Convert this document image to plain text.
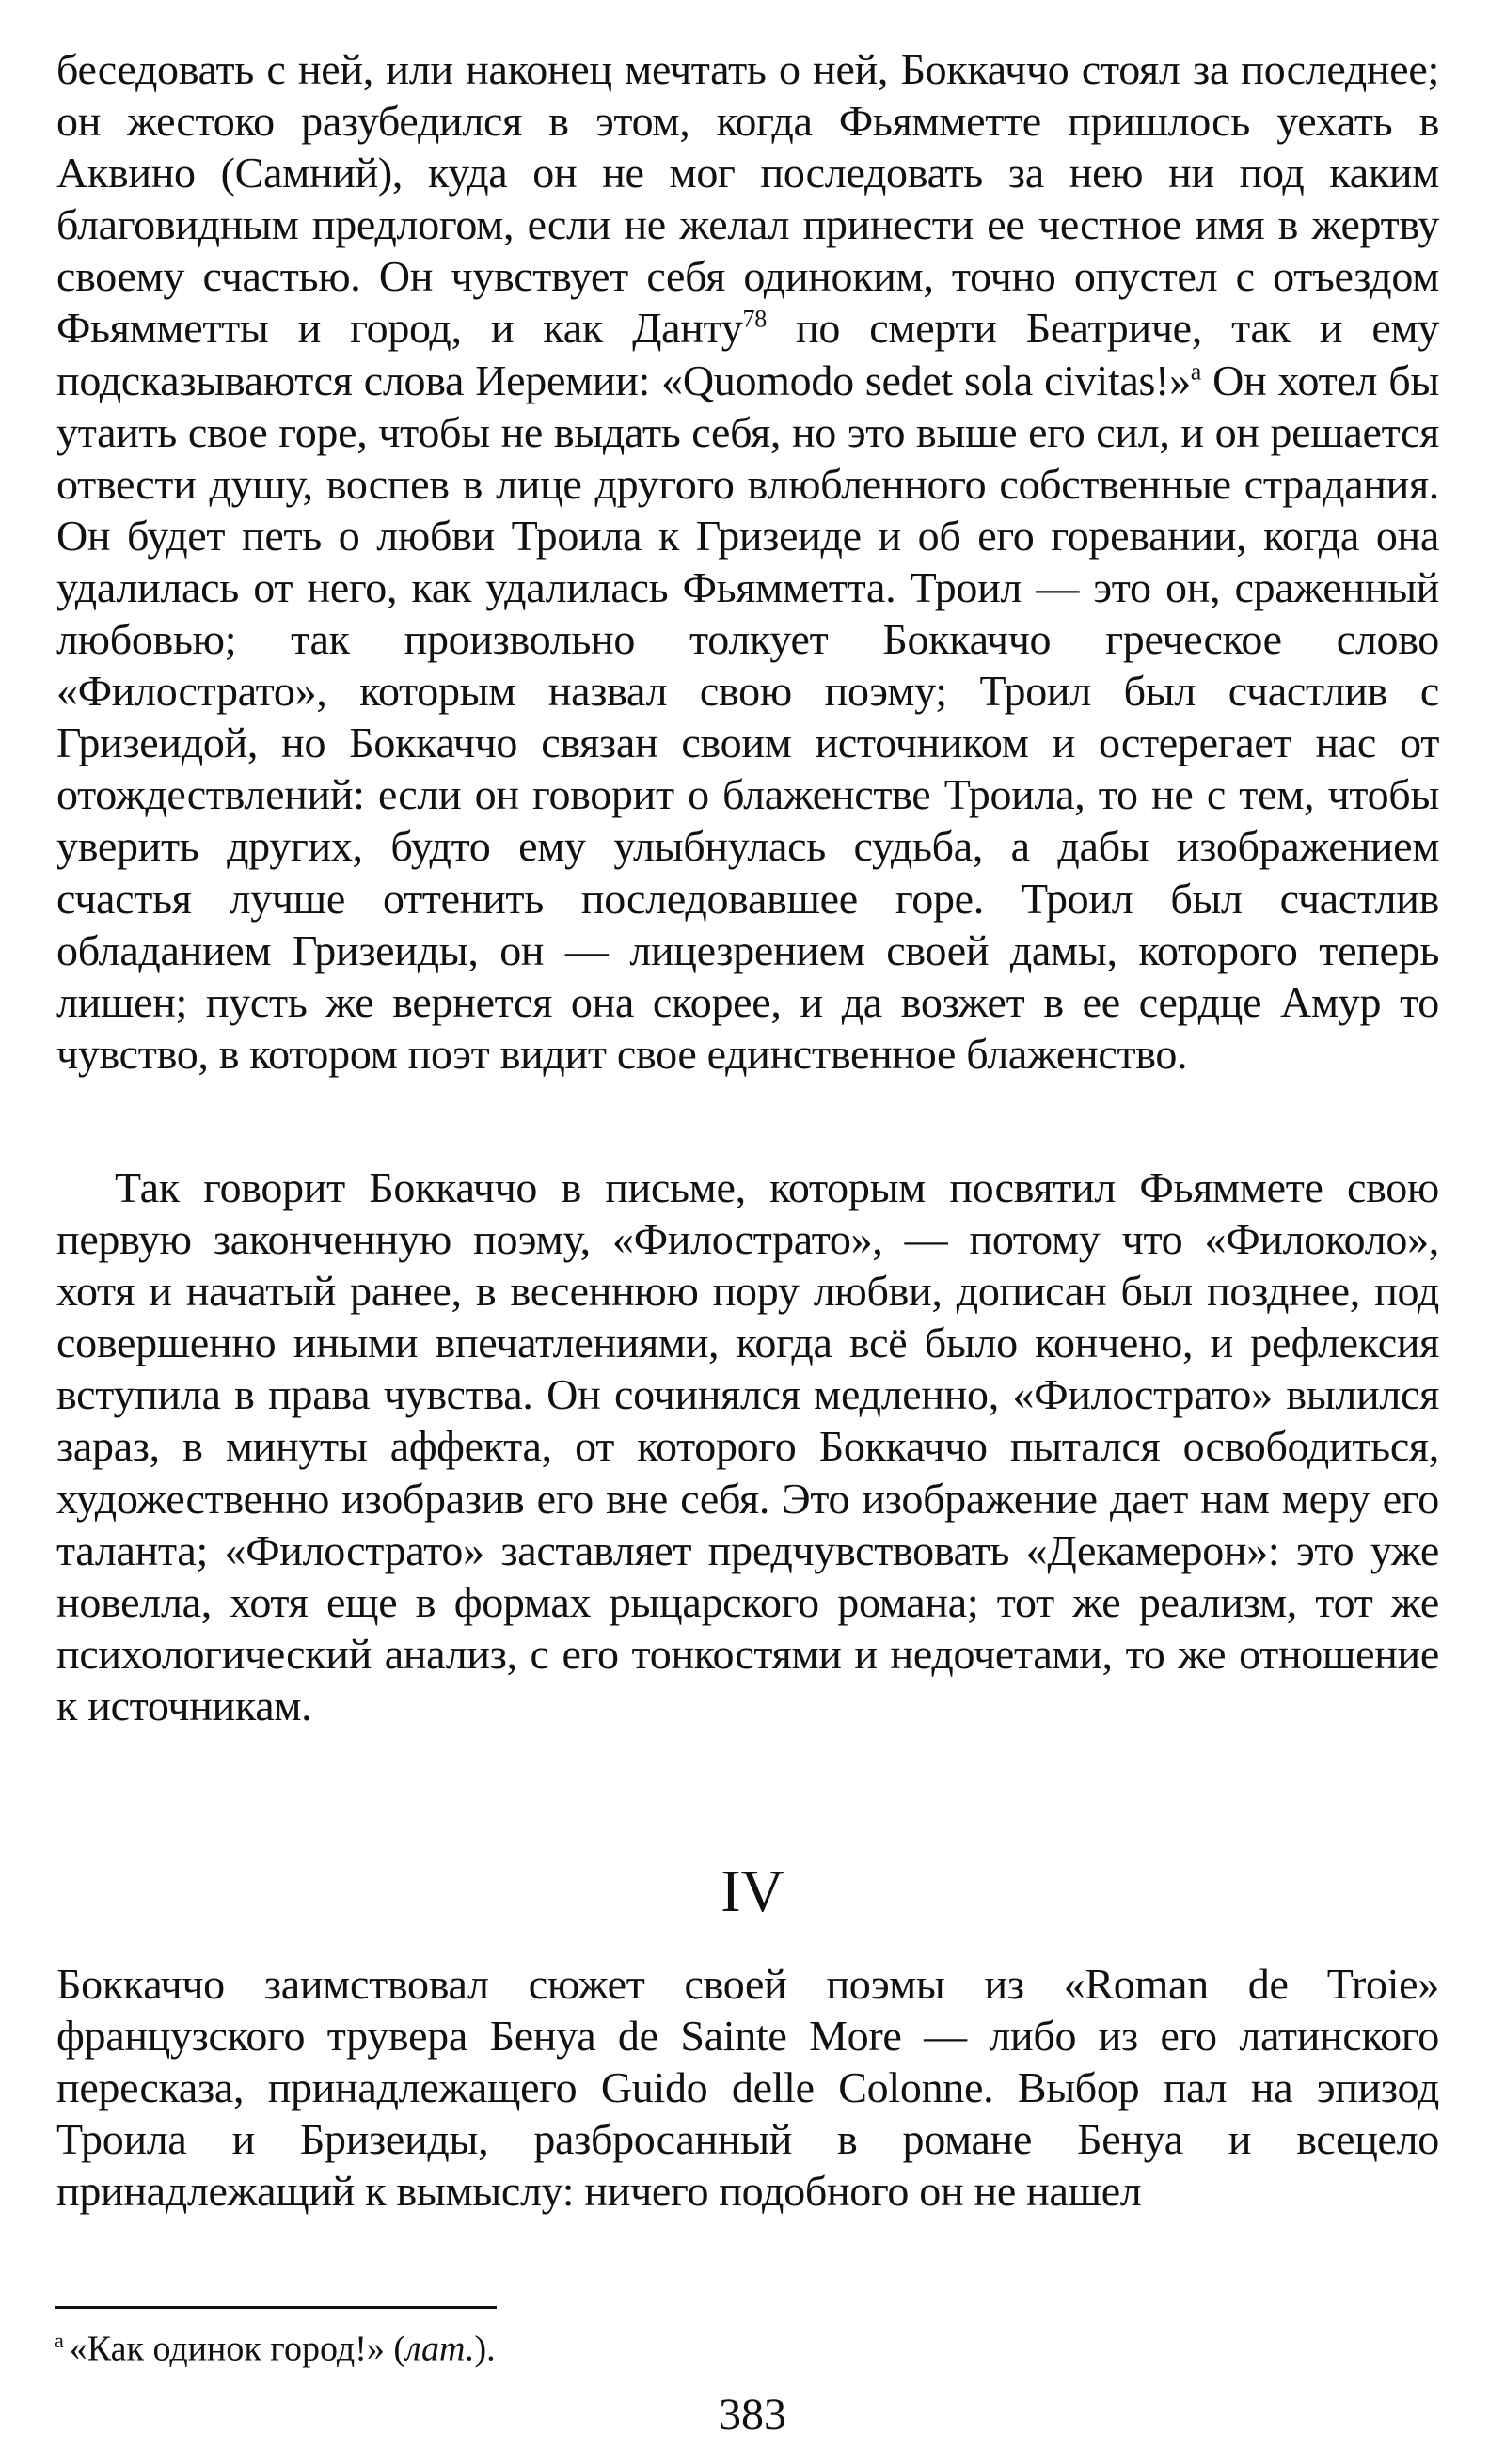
беседовать с ней, или наконец мечтать о ней, Боккаччо стоял за последнее; он жестоко разубедился в этом, когда Фьямметте пришлось уехать в Аквино (Самний), куда он не мог последовать за нею ни под каким благовидным предлогом, если не желал принести ее честное имя в жертву своему счастью. Он чувствует себя одиноким, точно опустел с отъездом Фьямметты и город, и как Данту$^{78}$ по смерти Беатриче, так и ему подсказываются слова Иеремии: «Quomodo sedet sola civitas!»$^a$ Он хотел бы утаить свое горе, чтобы не выдать себя, но это выше его сил, и он решается отвести душу, воспев в лице другого влюбленного собственные страдания. Он будет петь о любви Троила к Гризеиде и об его горевании, когда она удалилась от него, как удалилась Фьямметта. Троил — это он, сраженный любовью; так произвольно толкует Боккаччо греческое слово «Филострато», которым назвал свою поэму; Троил был счастлив с Гризеидой, но Боккаччо связан своим источником и остерегает нас от отождествлений: если он говорит о блаженстве Троила, то не с тем, чтобы уверить других, будто ему улыбнулась судьба, а дабы изображением счастья лучше оттенить последовавшее горе. Троил был счастлив обладанием Гризеиды, он — лицезрением своей дамы, которого теперь лишен; пусть же вернется она скорее, и да возжет в ее сердце Амур то чувство, в котором поэт видит свое единственное блаженство.

Так говорит Боккаччо в письме, которым посвятил Фьяммете свою первую законченную поэму, «Филострато», — потому что «Филоколо», хотя и начатый ранее, в весеннюю пору любви, дописан был позднее, под совершенно иными впечатлениями, когда всё было кончено, и рефлексия вступила в права чувства. Он сочинялся медленно, «Филострато» вылился зараз, в минуты аффекта, от которого Боккаччо пытался освободиться, художественно изобразив его вне себя. Это изображение дает нам меру его таланта; «Филострато» заставляет предчувствовать «Декамерон»: это уже новелла, хотя еще в формах рыцарского романа; тот же реализм, тот же психологический анализ, с его тонкостями и недочетами, то же отношение к источникам.

IV

Боккаччо заимствовал сюжет своей поэмы из «Roman de Troie» французского трувера Бенуа de Sainte More — либо из его латинского пересказа, принадлежащего Guido delle Colonne. Выбор пал на эпизод Троила и Бризеиды, разбросанный в романе Бенуа и всецело принадлежащий к вымыслу: ничего подобного он не нашел

$^a$ «Как одинок город!» (лат.).
383
